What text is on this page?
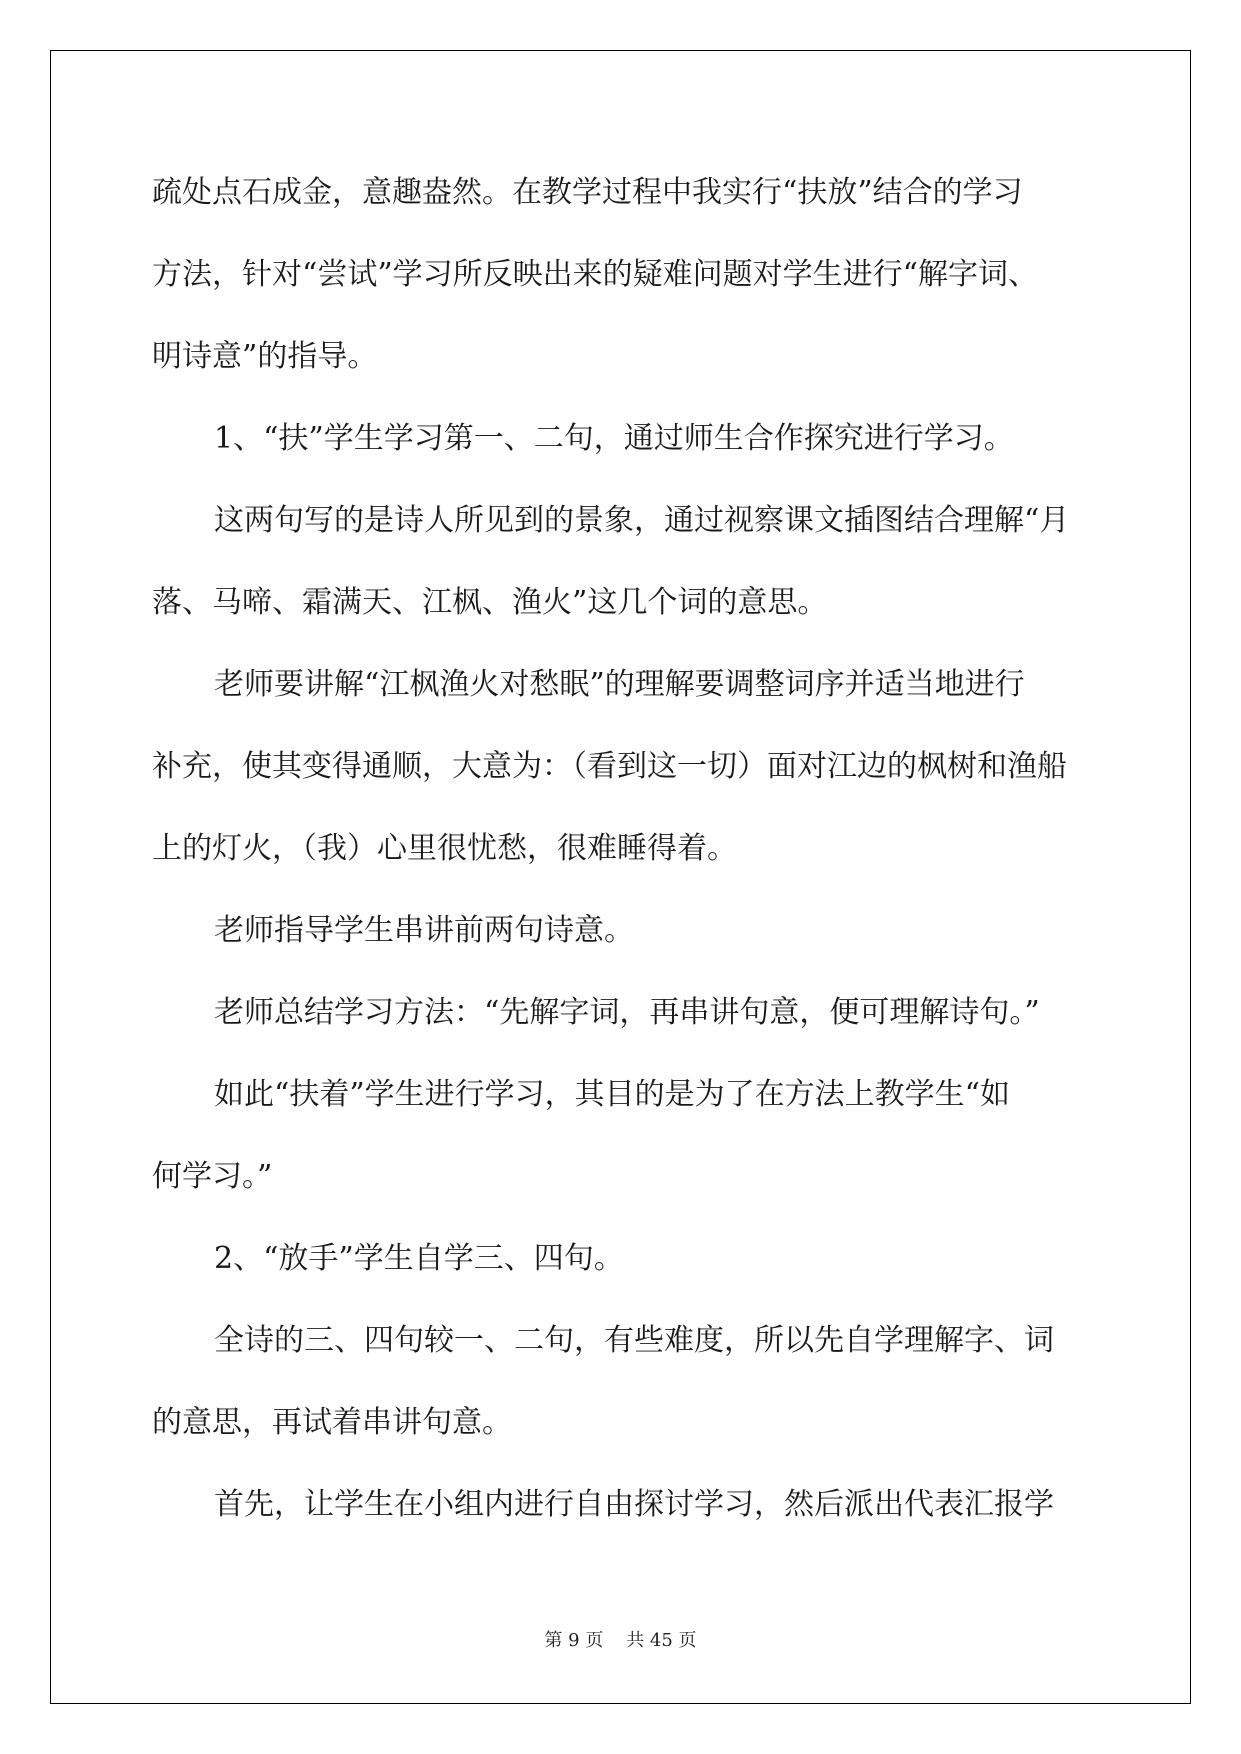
疏处点石成金，意趣盎然。在教学过程中我实行“扶放”结合的学习
方法，针对“尝试”学习所反映出来的疑难问题对学生进行“解字词、
明诗意”的指导。
1、“扶”学生学习第一、二句，通过师生合作探究进行学习。
这两句写的是诗人所见到的景象，通过视察课文插图结合理解“月
落、马啼、霜满天、江枫、渔火”这几个词的意思。
老师要讲解“江枫渔火对愁眠”的理解要调整词序并适当地进行
补充，使其变得通顺，大意为：（看到这一切）面对江边的枫树和渔船
上的灯火，（我）心里很忧愁，很难睡得着。
老师指导学生串讲前两句诗意。
老师总结学习方法：“先解字词，再串讲句意，便可理解诗句。”
如此“扶着”学生进行学习，其目的是为了在方法上教学生“如
何学习。”
2、“放手”学生自学三、四句。
全诗的三、四句较一、二句，有些难度，所以先自学理解字、词
的意思，再试着串讲句意。
首先，让学生在小组内进行自由探讨学习，然后派出代表汇报学
第 9 页    共 45 页
